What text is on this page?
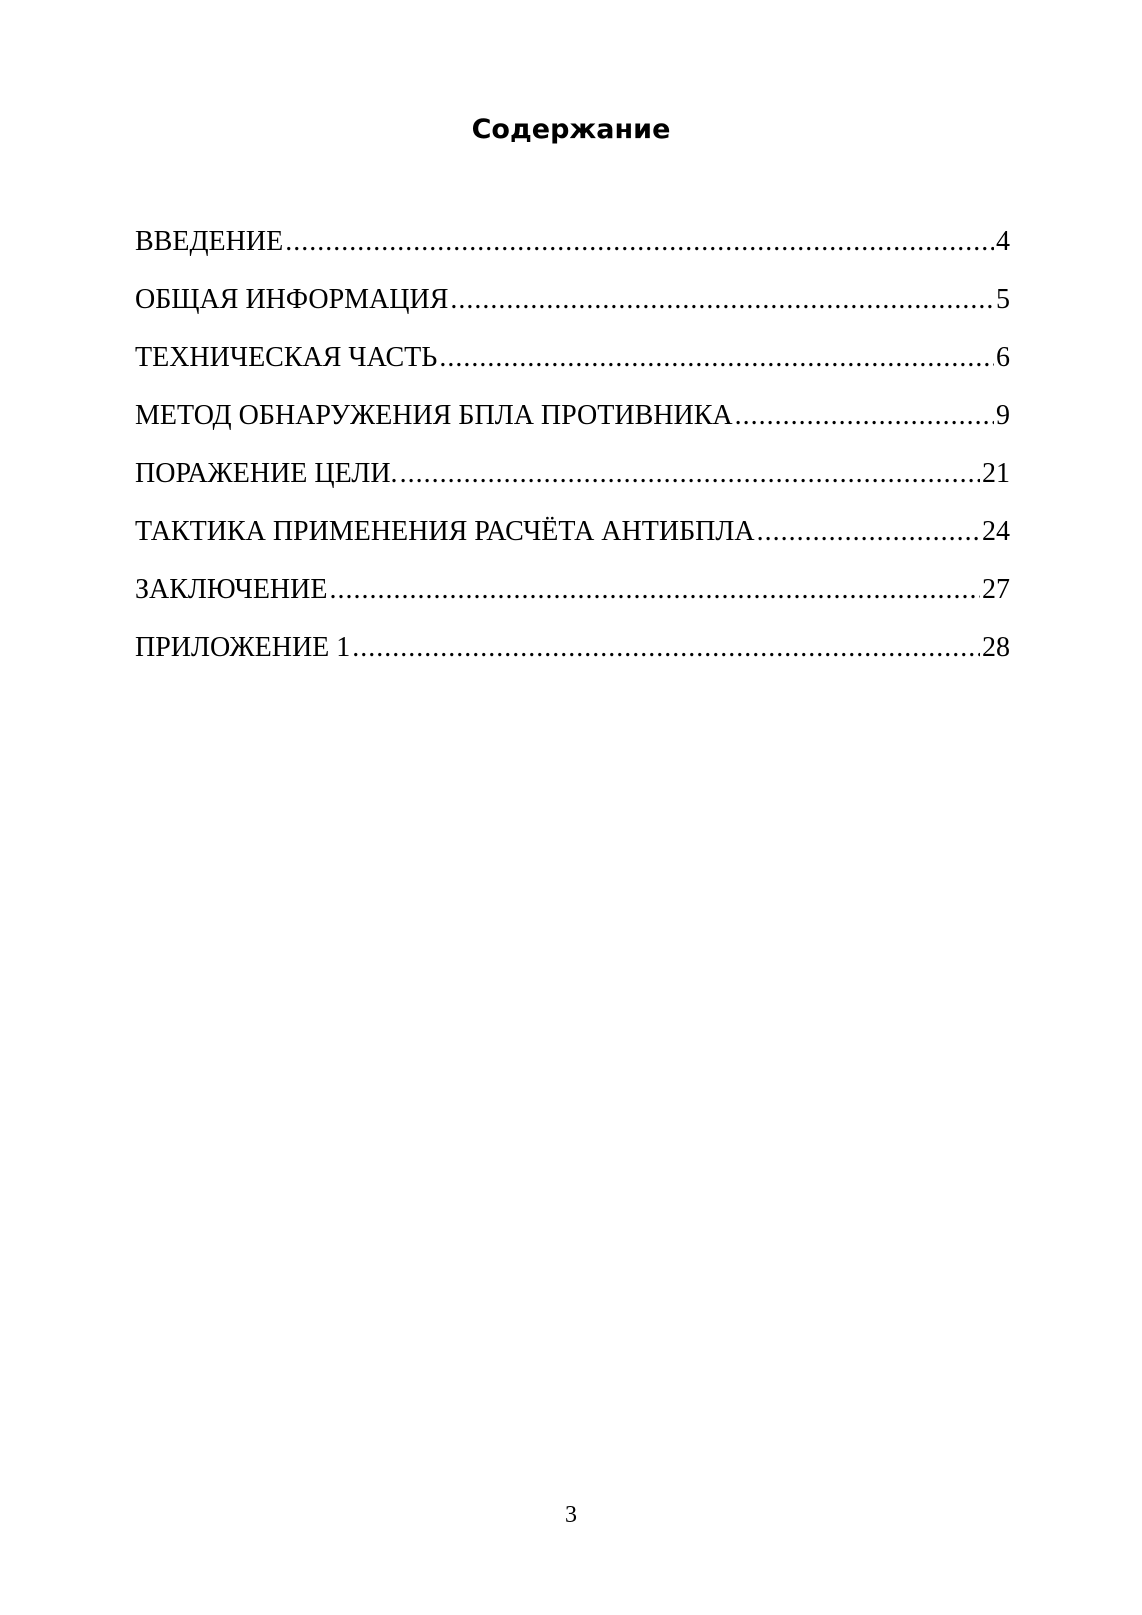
Содержание
ВВЕДЕНИЕ .....	4
ОБЩАЯ ИНФОРМАЦИЯ .....	5
ТЕХНИЧЕСКАЯ ЧАСТЬ .....	6
МЕТОД ОБНАРУЖЕНИЯ БПЛА ПРОТИВНИКА .....	9
ПОРАЖЕНИЕ ЦЕЛИ. .....	21
ТАКТИКА ПРИМЕНЕНИЯ РАСЧЁТА АНТИБПЛА .....	24
ЗАКЛЮЧЕНИЕ .....	27
ПРИЛОЖЕНИЕ 1 .....	28
3
